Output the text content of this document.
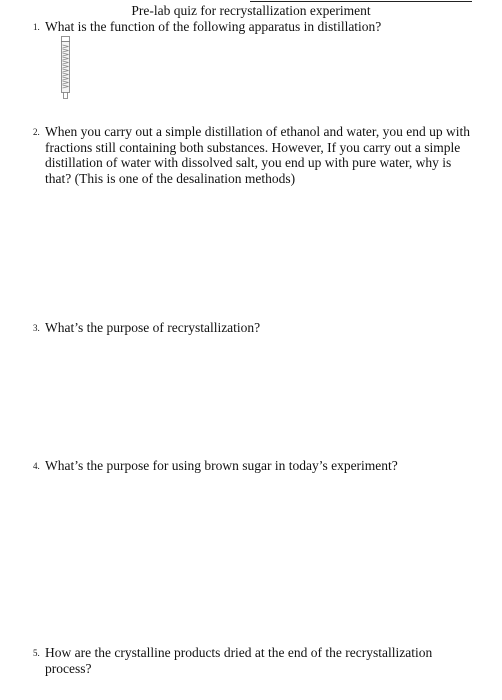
Pre-lab quiz for recrystallization experiment
1. What is the function of the following apparatus in distillation?
2. When you carry out a simple distillation of ethanol and water, you end up with fractions still containing both substances. However, If you carry out a simple distillation of water with dissolved salt, you end up with pure water, why is that? (This is one of the desalination methods)
3. What’s the purpose of recrystallization?
4. What’s the purpose for using brown sugar in today’s experiment?
5. How are the crystalline products dried at the end of the recrystallization process?
